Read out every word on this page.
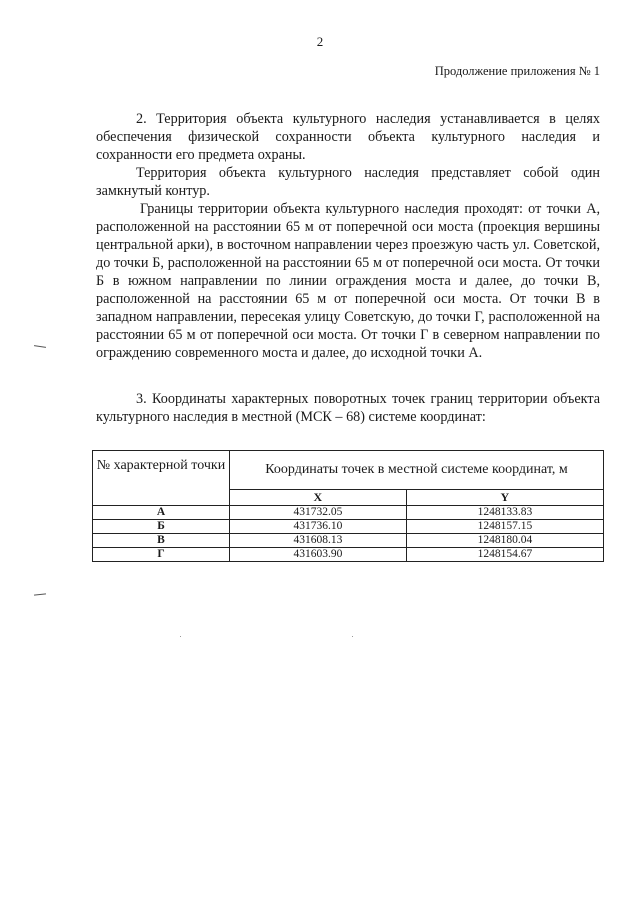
2
Продолжение приложения № 1

2. Территория объекта культурного наследия устанавливается в целях обеспечения физической сохранности объекта культурного наследия и сохранности его предмета охраны.

Территория объекта культурного наследия представляет собой один замкнутый контур.

Границы территории объекта культурного наследия проходят: от точки А, расположенной на расстоянии 65 м от поперечной оси моста (проекция вершины центральной арки), в восточном направлении через проезжую часть ул. Советской, до точки Б, расположенной на расстоянии 65 м от поперечной оси моста. От точки Б в южном направлении по линии ограждения моста и далее, до точки В, расположенной на расстоянии 65 м от поперечной оси моста. От точки В в западном направлении, пересекая улицу Советскую, до точки Г, расположенной на расстоянии 65 м от поперечной оси моста. От точки Г в северном направлении по ограждению современного моста и далее, до исходной точки А.

3. Координаты характерных поворотных точек границ территории объекта культурного наследия в местной (МСК – 68) системе координат:

№ характерной точки	Координаты точек в местной системе координат, м	
	X	Y
А	431732.05	1248133.83
Б	431736.10	1248157.15
В	431608.13	1248180.04
Г	431603.90	1248154.67
